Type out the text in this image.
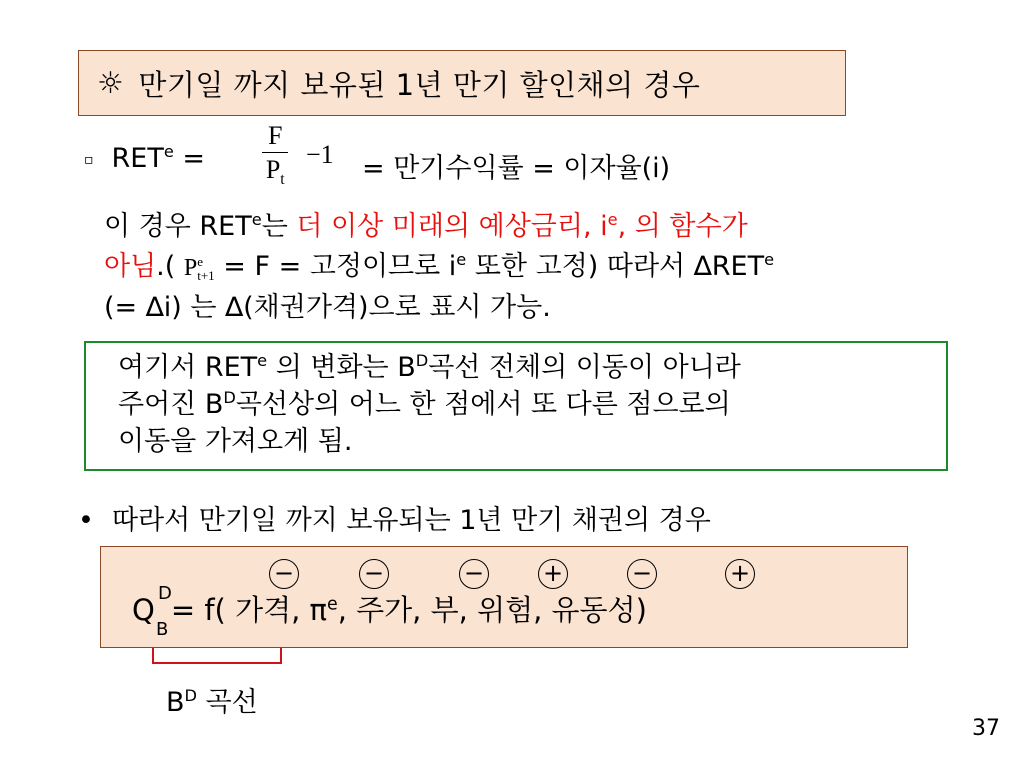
☼ 만기일 까지 보유된 1년 만기 할인채의 경우
▫ $RET^e = \frac{F}{P_t} -1$ = 만기수익률 = 이자율(i)
이 경우 RET$^e$는 더 이상 미래의 예상금리, $i^e$, 의 함수가
아님.( P e
t+1 = F = 고정이므로 $i^e$ 또한 고정) 따라서 ∆RET$^e$
(= ∆i) 는 ∆(채권가격)으로 표시 가능.
여기서 RET$^e$ 의 변화는 $B^D$곡선 전체의 이동이 아니라
주어진 $B^D$곡선상의 어느 한 점에서 또 다른 점으로의
이동을 가져오게 됨.
• 따라서 만기일 까지 보유되는 1년 만기 채권의 경우
−	−	− +	−	+
Q D
B
= f( 가격, $\pi^e$, 주가, 부, 위험, 유동성)
$B^D$ 곡선
37
